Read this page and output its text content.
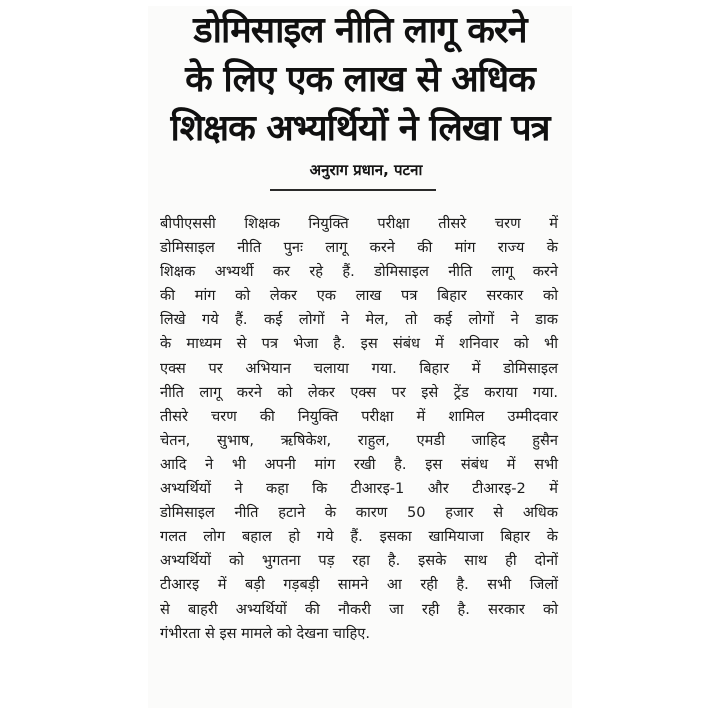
डोमिसाइल नीति लागू करने
के लिए एक लाख से अधिक
शिक्षक अभ्यर्थियों ने लिखा पत्र
अनुराग प्रधान, पटना
बीपीएससी शिक्षक नियुक्ति परीक्षा तीसरे चरण में
डोमिसाइल नीति पुनः लागू करने की मांग राज्य के
शिक्षक अभ्यर्थी कर रहे हैं. डोमिसाइल नीति लागू करने
की मांग को लेकर एक लाख पत्र बिहार सरकार को
लिखे गये हैं. कई लोगों ने मेल, तो कई लोगों ने डाक
के माध्यम से पत्र भेजा है. इस संबंध में शनिवार को भी
एक्स पर अभियान चलाया गया. बिहार में डोमिसाइल
नीति लागू करने को लेकर एक्स पर इसे ट्रेंड कराया गया.
तीसरे चरण की नियुक्ति परीक्षा में शामिल उम्मीदवार
चेतन, सुभाष, ऋषिकेश, राहुल, एमडी जाहिद हुसैन
आदि ने भी अपनी मांग रखी है. इस संबंध में सभी
अभ्यर्थियों ने कहा कि टीआरइ-1 और टीआरइ-2 में
डोमिसाइल नीति हटाने के कारण 50 हजार से अधिक
गलत लोग बहाल हो गये हैं. इसका खामियाजा बिहार के
अभ्यर्थियों को भुगतना पड़ रहा है. इसके साथ ही दोनों
टीआरइ में बड़ी गड़बड़ी सामने आ रही है. सभी जिलों
से बाहरी अभ्यर्थियों की नौकरी जा रही है. सरकार को
गंभीरता से इस मामले को देखना चाहिए.
